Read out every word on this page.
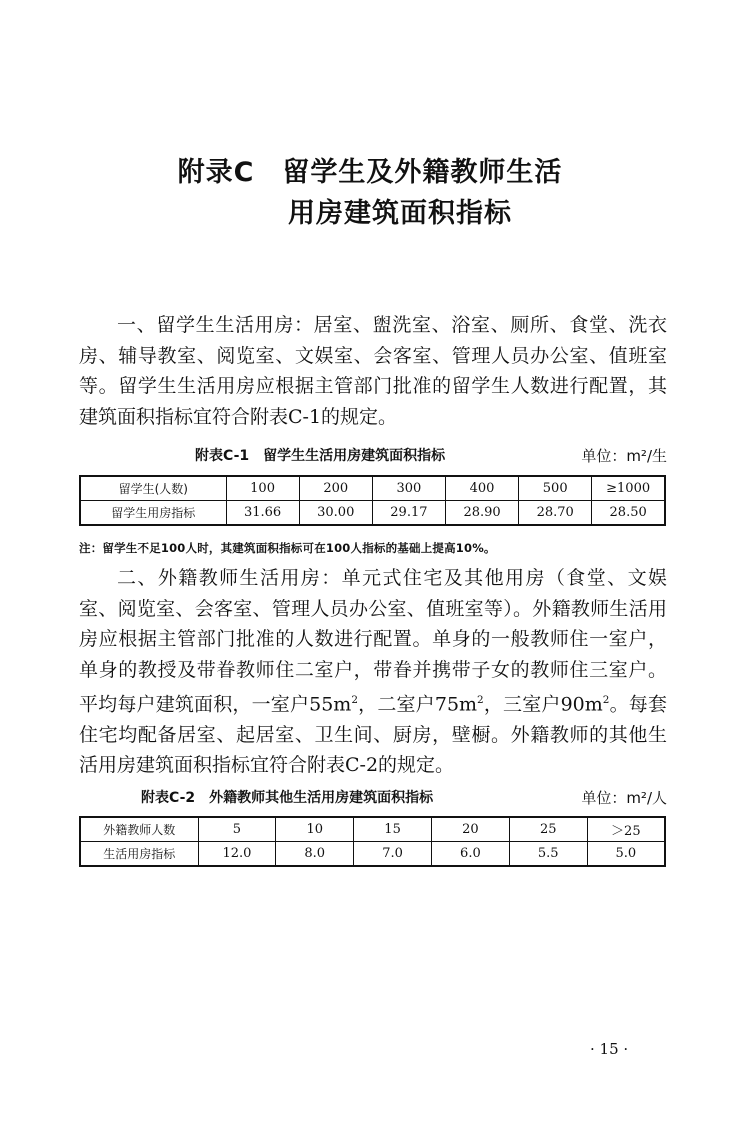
附录C　留学生及外籍教师生活
用房建筑面积指标

一、留学生生活用房：居室、盥洗室、浴室、厕所、食堂、洗衣房、辅导教室、阅览室、文娱室、会客室、管理人员办公室、值班室等。留学生生活用房应根据主管部门批准的留学生人数进行配置，其建筑面积指标宜符合附表C-1的规定。

附表C-1　 留学生生活用房建筑面积指标	单位：m²/生
留学生(人数)	100	200	300	400	500	≥1000
留学生用房指标	31.66	30.00	29.17	28.90	28.70	28.50
注：留学生不足100人时，其建筑面积指标可在100人指标的基础上提高10%。

二、外籍教师生活用房：单元式住宅及其他用房（食堂、文娱室、阅览室、会客室、管理人员办公室、值班室等）。外籍教师生活用房应根据主管部门批准的人数进行配置。单身的一般教师住一室户，单身的教授及带眷教师住二室户，带眷并携带子女的教师住三室户。平均每户建筑面积，一室户$55m^2$，二室户$75m^2$，三室户$90m^2$。每套住宅均配备居室、起居室、卫生间、厨房，壁橱。外籍教师的其他生活用房建筑面积指标宜符合附表C-2的规定。

附表C-2　 外籍教师其他生活用房建筑面积指标	单位：m²/人
外籍教师人数	5	10	15	20	25	＞25
生活用房指标	12.0	8.0	7.0	6.0	5.5	5.0
· 15 ·
